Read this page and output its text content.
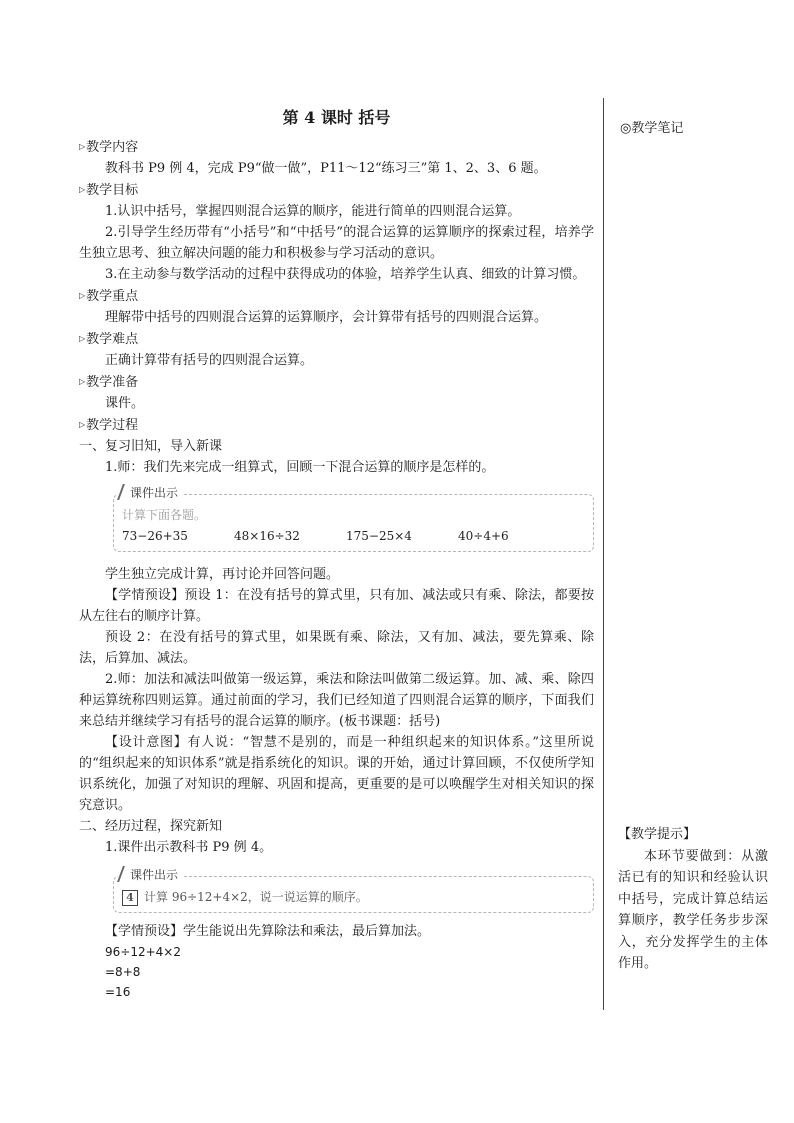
第 4 课时 括号

▷教学内容

教科书 P9 例 4，完成 P9“做一做”，P11～12“练习三”第 1、2、3、6 题。

▷教学目标

1.认识中括号，掌握四则混合运算的顺序，能进行简单的四则混合运算。

2.引导学生经历带有“小括号”和“中括号”的混合运算的运算顺序的探索过程，培养学生独立思考、独立解决问题的能力和积极参与学习活动的意识。

3.在主动参与数学活动的过程中获得成功的体验，培养学生认真、细致的计算习惯。

▷教学重点

理解带中括号的四则混合运算的运算顺序，会计算带有括号的四则混合运算。

▷教学难点

正确计算带有括号的四则混合运算。

▷教学准备

课件。

▷教学过程

一、复习旧知，导入新课

1.师：我们先来完成一组算式，回顾一下混合运算的顺序是怎样的。

课件出示
计算下面各题。
73−26+35	48×16÷32	175−25×4	40÷4+6

学生独立完成计算，再讨论并回答问题。

【学情预设】预设 1：在没有括号的算式里，只有加、减法或只有乘、除法，都要按从左往右的顺序计算。

预设 2：在没有括号的算式里，如果既有乘、除法，又有加、减法，要先算乘、除法，后算加、减法。

2.师：加法和减法叫做第一级运算，乘法和除法叫做第二级运算。加、减、乘、除四种运算统称四则运算。通过前面的学习，我们已经知道了四则混合运算的顺序，下面我们来总结并继续学习有括号的混合运算的顺序。(板书课题：括号)

【设计意图】有人说：“智慧不是别的，而是一种组织起来的知识体系。”这里所说的“组织起来的知识体系”就是指系统化的知识。课的开始，通过计算回顾，不仅使所学知识系统化，加强了对知识的理解、巩固和提高，更重要的是可以唤醒学生对相关知识的探究意识。

二、经历过程，探究新知

1.课件出示教科书 P9 例 4。

课件出示
4 计算 96÷12+4×2，说一说运算的顺序。

【学情预设】学生能说出先算除法和乘法，最后算加法。

96÷12+4×2
=8+8
=16
◎教学笔记

【教学提示】

本环节要做到：从激活已有的知识和经验认识中括号，完成计算总结运算顺序，教学任务步步深入，充分发挥学生的主体作用。
